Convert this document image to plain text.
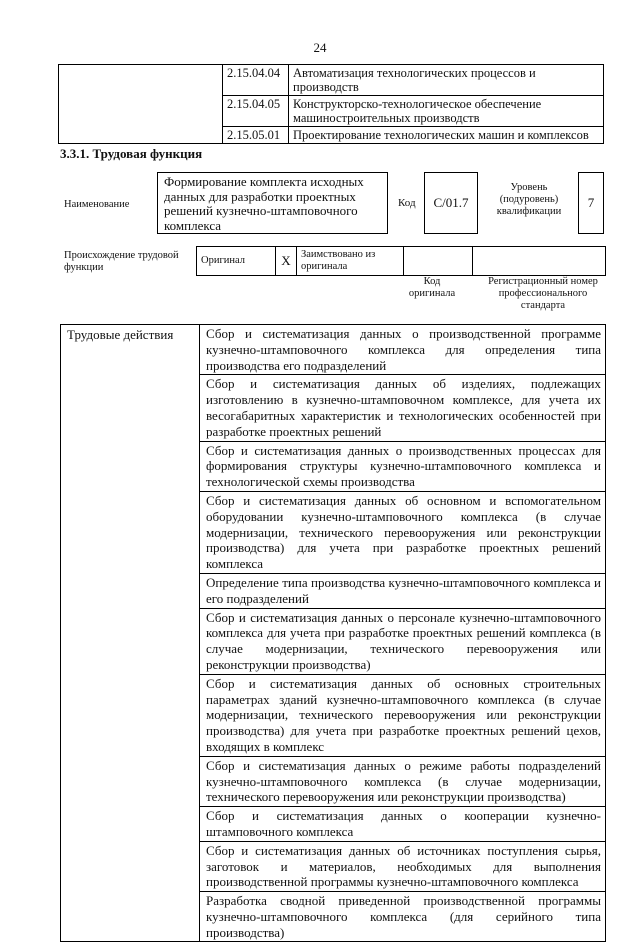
24
	2.15.04.04	Автоматизация технологических процессов и производств
	2.15.04.05	Конструкторско-технологическое обеспечение машиностроительных производств
	2.15.05.01	Проектирование технологических машин и комплексов
3.3.1. Трудовая функция
Наименование
Формирование комплекта исходных данных для разработки проектных решений кузнечно-штамповочного комплекса
Код	C/01.7
Уровень (подуровень) квалификации
7
Происхождение трудовой функции
Оригинал	X	Заимствовано из оригинала		
Код оригинала
Регистрационный номер профессионального стандарта
Трудовые действия	Сбор и систематизация данных о производственной программе кузнечно-штамповочного комплекса для определения типа производства его подразделений
Сбор и систематизация данных об изделиях, подлежащих изготовлению в кузнечно-штамповочном комплексе, для учета их весогабаритных характеристик и технологических особенностей при разработке проектных решений
Сбор и систематизация данных о производственных процессах для формирования структуры кузнечно-штамповочного комплекса и технологической схемы производства
Сбор и систематизация данных об основном и вспомогательном оборудовании кузнечно-штамповочного комплекса (в случае модернизации, технического перевооружения или реконструкции производства) для учета при разработке проектных решений комплекса
Определение типа производства кузнечно-штамповочного комплекса и его подразделений
Сбор и систематизация данных о персонале кузнечно-штамповочного комплекса для учета при разработке проектных решений комплекса (в случае модернизации, технического перевооружения или реконструкции производства)
Сбор и систематизация данных об основных строительных параметрах зданий кузнечно-штамповочного комплекса (в случае модернизации, технического перевооружения или реконструкции производства) для учета при разработке проектных решений цехов, входящих в комплекс
Сбор и систематизация данных о режиме работы подразделений кузнечно-штамповочного комплекса (в случае модернизации, технического перевооружения или реконструкции производства)
Сбор и систематизация данных о кооперации кузнечно-штамповочного комплекса
Сбор и систематизация данных об источниках поступления сырья, заготовок и материалов, необходимых для выполнения производственной программы кузнечно-штамповочного комплекса
Разработка сводной приведенной производственной программы кузнечно-штамповочного комплекса (для серийного типа производства)
